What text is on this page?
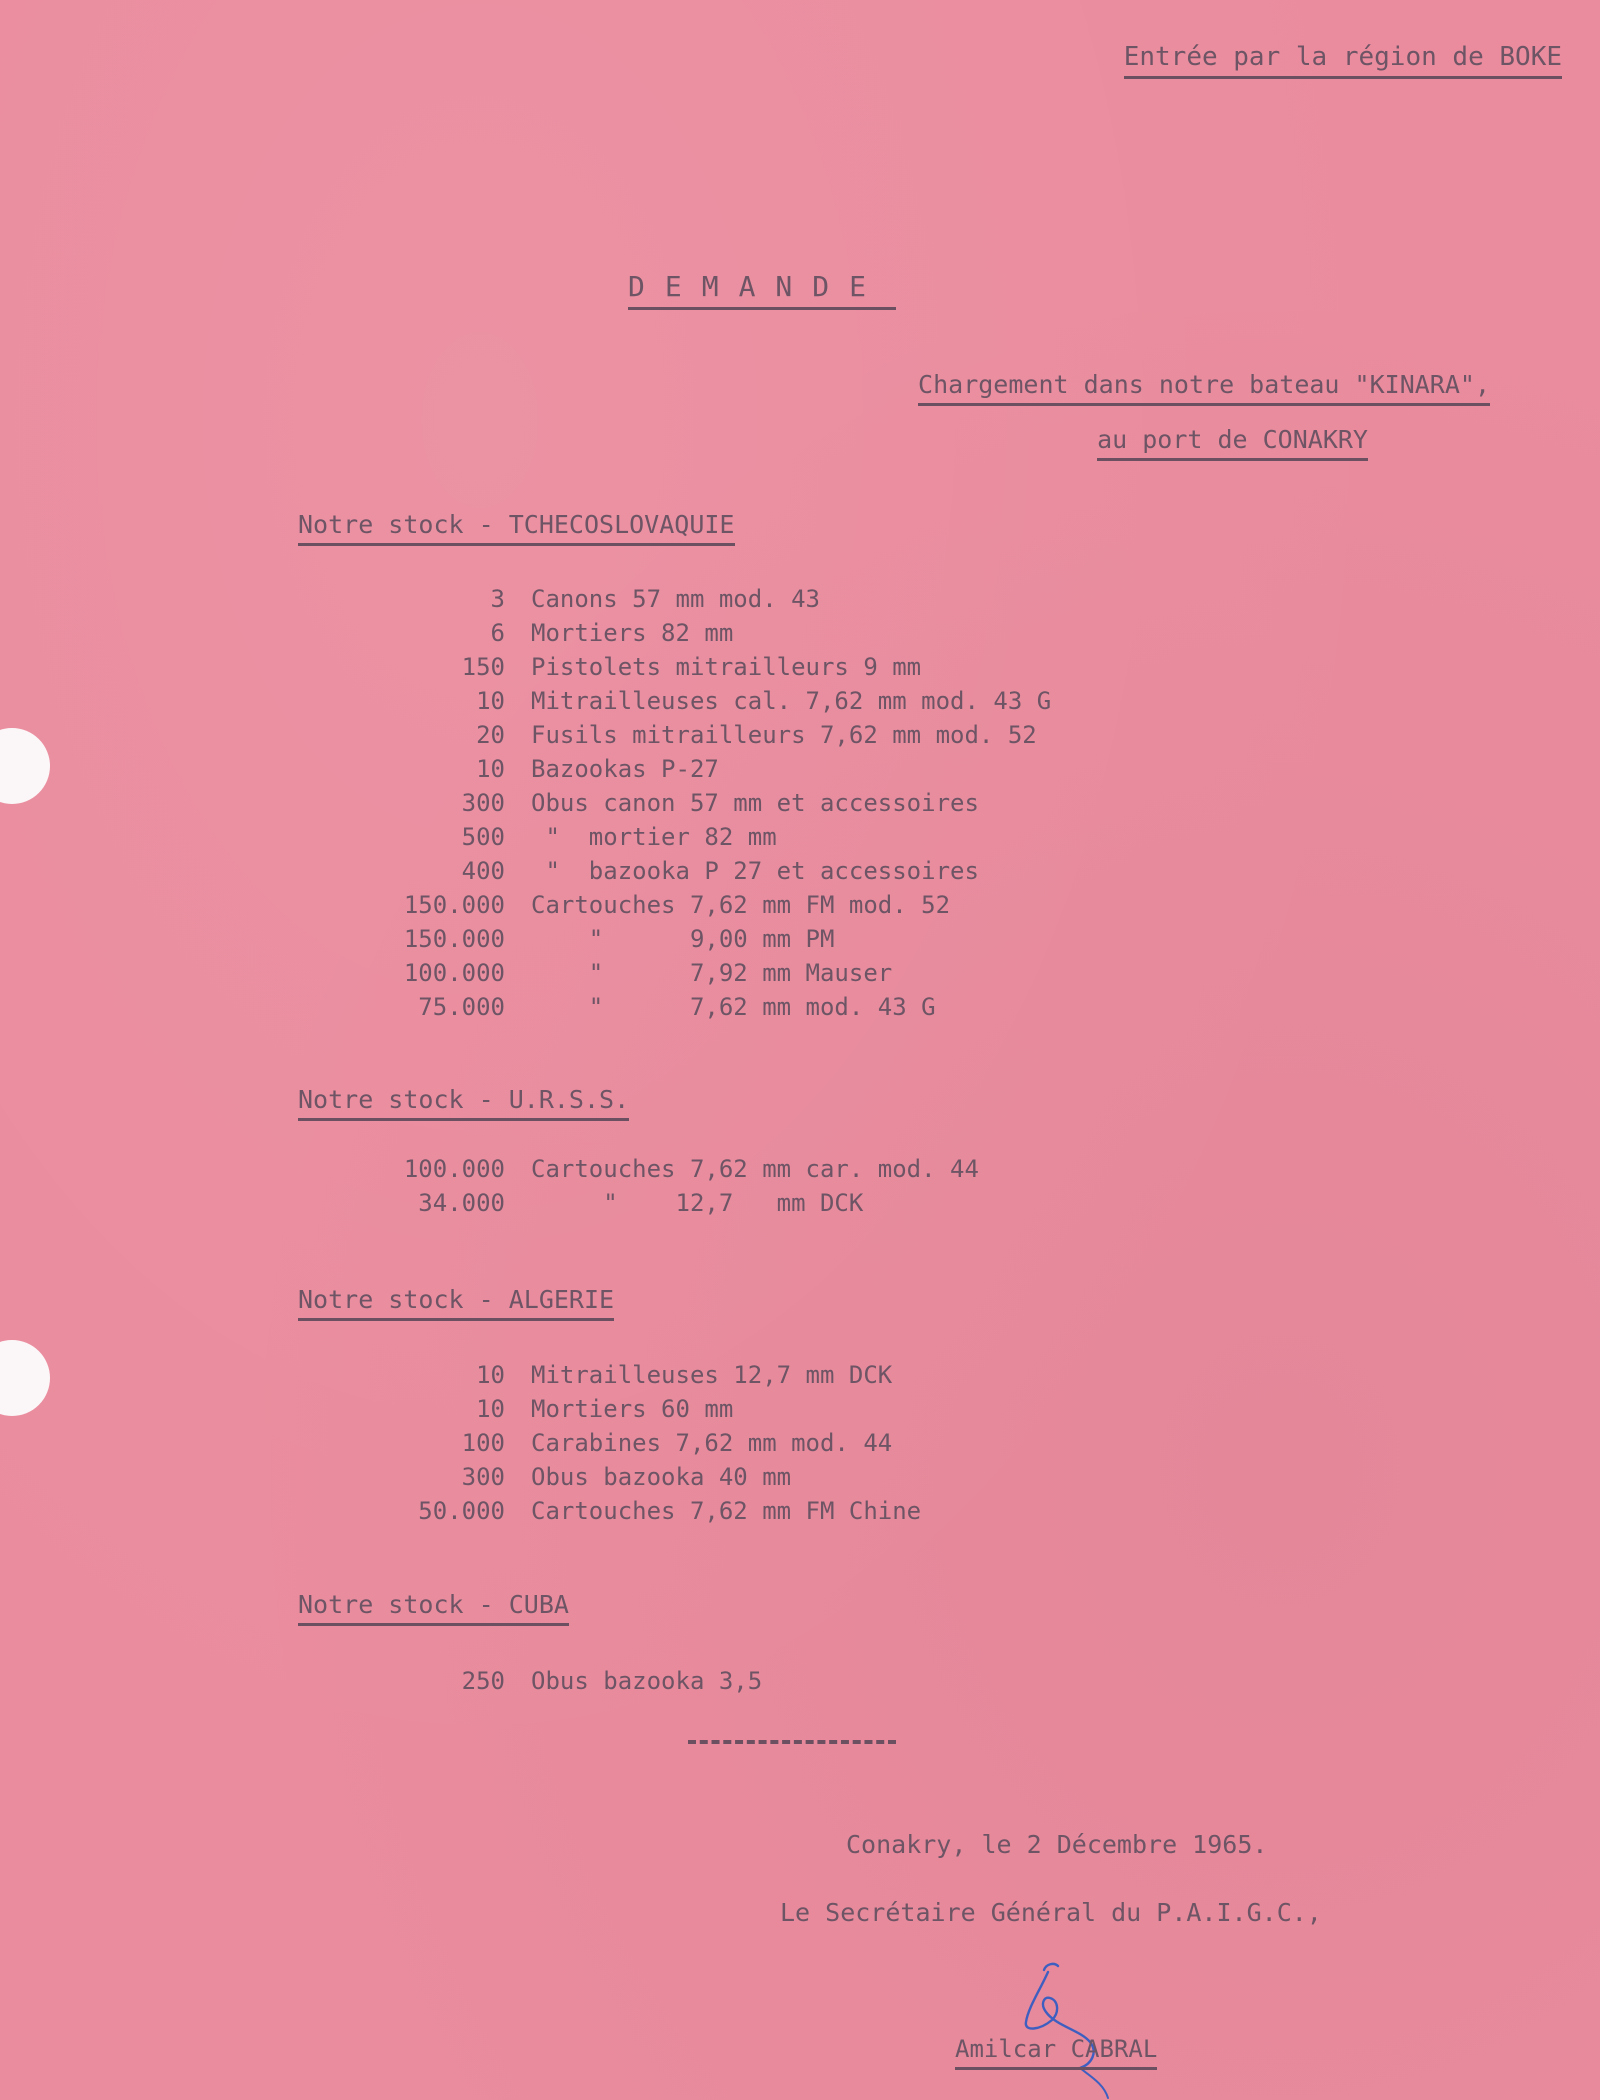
Entrée par la région de BOKE
DEMANDE
Chargement dans notre bateau "KINARA",
au port de CONAKRY
Notre stock - TCHECOSLOVAQUIE
3	Canons 57 mm mod. 43
6	Mortiers 82 mm
150	Pistolets mitrailleurs 9 mm
10	Mitrailleuses cal. 7,62 mm mod. 43 G
20	Fusils mitrailleurs 7,62 mm mod. 52
10	Bazookas P-27
300	Obus canon 57 mm et accessoires
500	"  mortier 82 mm
400	"  bazooka P 27 et accessoires
150.000	Cartouches 7,62 mm FM mod. 52
150.000	"      9,00 mm PM
100.000	"      7,92 mm Mauser
75.000	"      7,62 mm mod. 43 G
Notre stock - U.R.S.S.
100.000	Cartouches 7,62 mm car. mod. 44
34.000	"    12,7   mm DCK
Notre stock - ALGERIE
10	Mitrailleuses 12,7 mm DCK
10	Mortiers 60 mm
100	Carabines 7,62 mm mod. 44
300	Obus bazooka 40 mm
50.000	Cartouches 7,62 mm FM Chine
Notre stock - CUBA
250	Obus bazooka 3,5
Conakry, le 2 Décembre 1965.
Le Secrétaire Général du P.A.I.G.C.,
Amilcar CABRAL
